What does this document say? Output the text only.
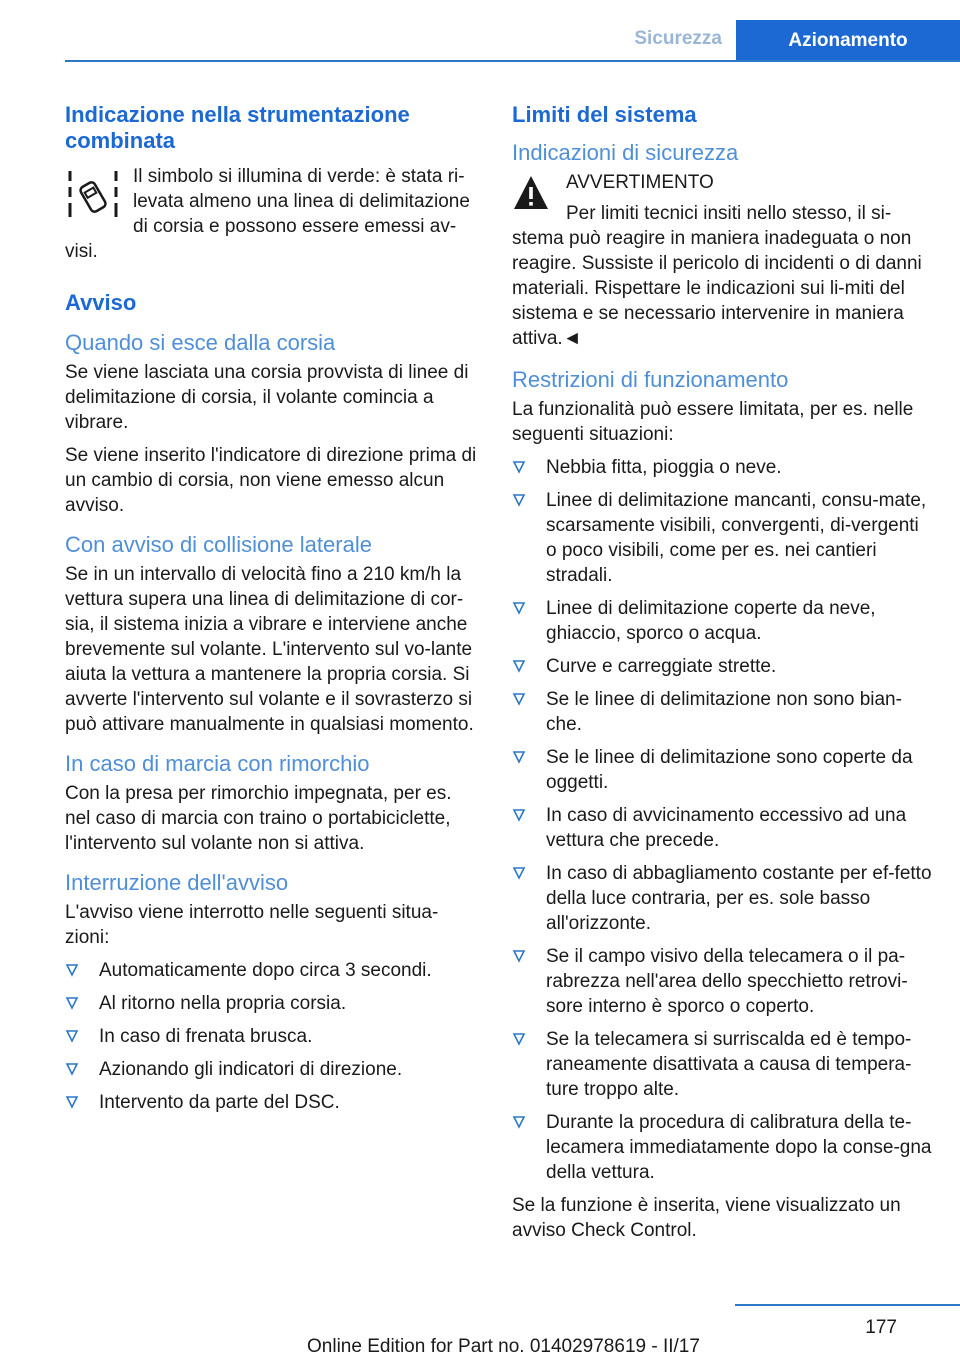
Sicurezza	Azionamento
Indicazione nella strumentazione combinata

Il simbolo si illumina di verde: è stata ri-levata almeno una linea di delimitazione di corsia e possono essere emessi av-visi.

Avviso
Quando si esce dalla corsia

Se viene lasciata una corsia provvista di linee di delimitazione di corsia, il volante comincia a vibrare.

Se viene inserito l'indicatore di direzione prima di un cambio di corsia, non viene emesso alcun avviso.

Con avviso di collisione laterale

Se in un intervallo di velocità fino a 210 km/h la vettura supera una linea di delimitazione di cor-sia, il sistema inizia a vibrare e interviene anche brevemente sul volante. L'intervento sul vo-lante aiuta la vettura a mantenere la propria corsia. Si avverte l'intervento sul volante e il sovrasterzo si può attivare manualmente in qualsiasi momento.

In caso di marcia con rimorchio

Con la presa per rimorchio impegnata, per es. nel caso di marcia con traino o portabiciclette, l'intervento sul volante non si attiva.

Interruzione dell'avviso

L'avviso viene interrotto nelle seguenti situa-zioni:

Automaticamente dopo circa 3 secondi.
Al ritorno nella propria corsia.
In caso di frenata brusca.
Azionando gli indicatori di direzione.
Intervento da parte del DSC.
Limiti del sistema
Indicazioni di sicurezza

AVVERTIMENTO

Per limiti tecnici insiti nello stesso, il si-stema può reagire in maniera inadeguata o non reagire. Sussiste il pericolo di incidenti o di danni materiali. Rispettare le indicazioni sui li-miti del sistema e se necessario intervenire in maniera attiva.◄

Restrizioni di funzionamento

La funzionalità può essere limitata, per es. nelle seguenti situazioni:

Nebbia fitta, pioggia o neve.
Linee di delimitazione mancanti, consu-mate, scarsamente visibili, convergenti, di-vergenti o poco visibili, come per es. nei cantieri stradali.
Linee di delimitazione coperte da neve, ghiaccio, sporco o acqua.
Curve e carreggiate strette.
Se le linee di delimitazione non sono bian-che.
Se le linee di delimitazione sono coperte da oggetti.
In caso di avvicinamento eccessivo ad una vettura che precede.
In caso di abbagliamento costante per ef-fetto della luce contraria, per es. sole basso all'orizzonte.
Se il campo visivo della telecamera o il pa-rabrezza nell'area dello specchietto retrovi-sore interno è sporco o coperto.
Se la telecamera si surriscalda ed è tempo-raneamente disattivata a causa di tempera-ture troppo alte.
Durante la procedura di calibratura della te-lecamera immediatamente dopo la conse-gna della vettura.

Se la funzione è inserita, viene visualizzato un avviso Check Control.

177
Online Edition for Part no. 01402978619 - II/17
